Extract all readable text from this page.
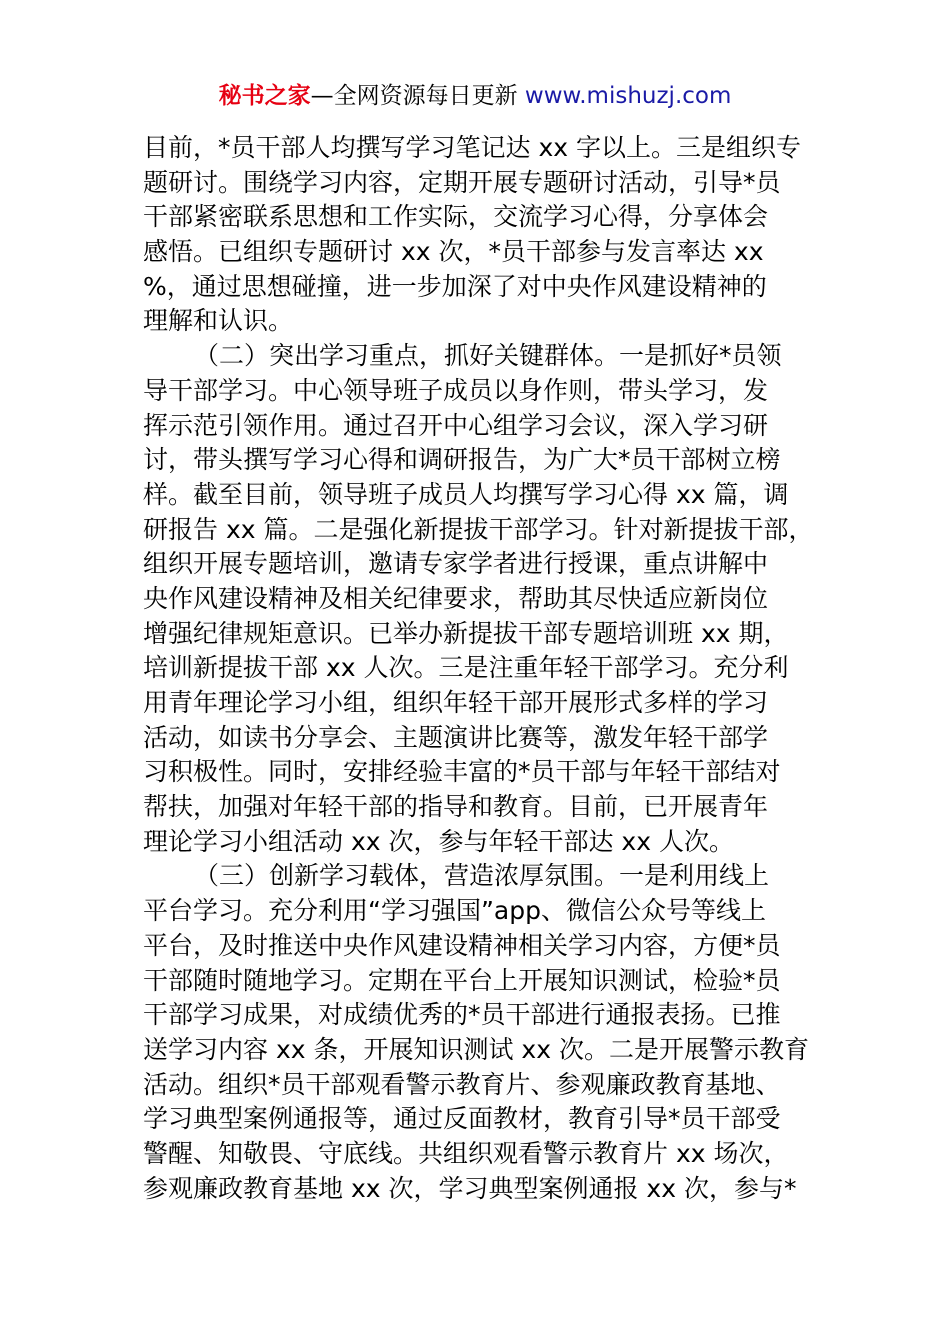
秘书之家—全网资源每日更新 www.mishuzj.com
目前，*员干部人均撰写学习笔记达 xx 字以上。三是组织专
题研讨。围绕学习内容，定期开展专题研讨活动，引导*员
干部紧密联系思想和工作实际，交流学习心得，分享体会
感悟。已组织专题研讨 xx 次，*员干部参与发言率达 xx
%，通过思想碰撞，进一步加深了对中央作风建设精神的
理解和认识。
（二）突出学习重点，抓好关键群体。一是抓好*员领
导干部学习。中心领导班子成员以身作则，带头学习，发
挥示范引领作用。通过召开中心组学习会议，深入学习研
讨，带头撰写学习心得和调研报告，为广大*员干部树立榜
样。截至目前，领导班子成员人均撰写学习心得 xx 篇，调
研报告 xx 篇。二是强化新提拔干部学习。针对新提拔干部，
组织开展专题培训，邀请专家学者进行授课，重点讲解中
央作风建设精神及相关纪律要求，帮助其尽快适应新岗位
增强纪律规矩意识。已举办新提拔干部专题培训班 xx 期，
培训新提拔干部 xx 人次。三是注重年轻干部学习。充分利
用青年理论学习小组，组织年轻干部开展形式多样的学习
活动，如读书分享会、主题演讲比赛等，激发年轻干部学
习积极性。同时，安排经验丰富的*员干部与年轻干部结对
帮扶，加强对年轻干部的指导和教育。目前，已开展青年
理论学习小组活动 xx 次，参与年轻干部达 xx 人次。
（三）创新学习载体，营造浓厚氛围。一是利用线上
平台学习。充分利用“学习强国”app、微信公众号等线上
平台，及时推送中央作风建设精神相关学习内容，方便*员
干部随时随地学习。定期在平台上开展知识测试，检验*员
干部学习成果，对成绩优秀的*员干部进行通报表扬。已推
送学习内容 xx 条，开展知识测试 xx 次。二是开展警示教育
活动。组织*员干部观看警示教育片、参观廉政教育基地、
学习典型案例通报等，通过反面教材，教育引导*员干部受
警醒、知敬畏、守底线。共组织观看警示教育片 xx 场次，
参观廉政教育基地 xx 次，学习典型案例通报 xx 次，参与*
